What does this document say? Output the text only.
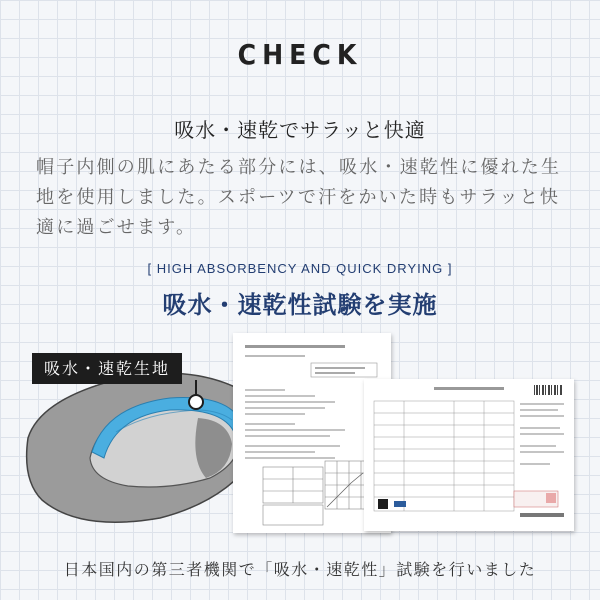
CHECK
吸水・速乾でサラッと快適
帽子内側の肌にあたる部分には、吸水・速乾性に優れた生地を使用しました。スポーツで汗をかいた時もサラッと快適に過ごせます。
[ HIGH ABSORBENCY AND QUICK DRYING ]
吸水・速乾性試験を実施
吸水・速乾生地
日本国内の第三者機関で「吸水・速乾性」試験を行いました
